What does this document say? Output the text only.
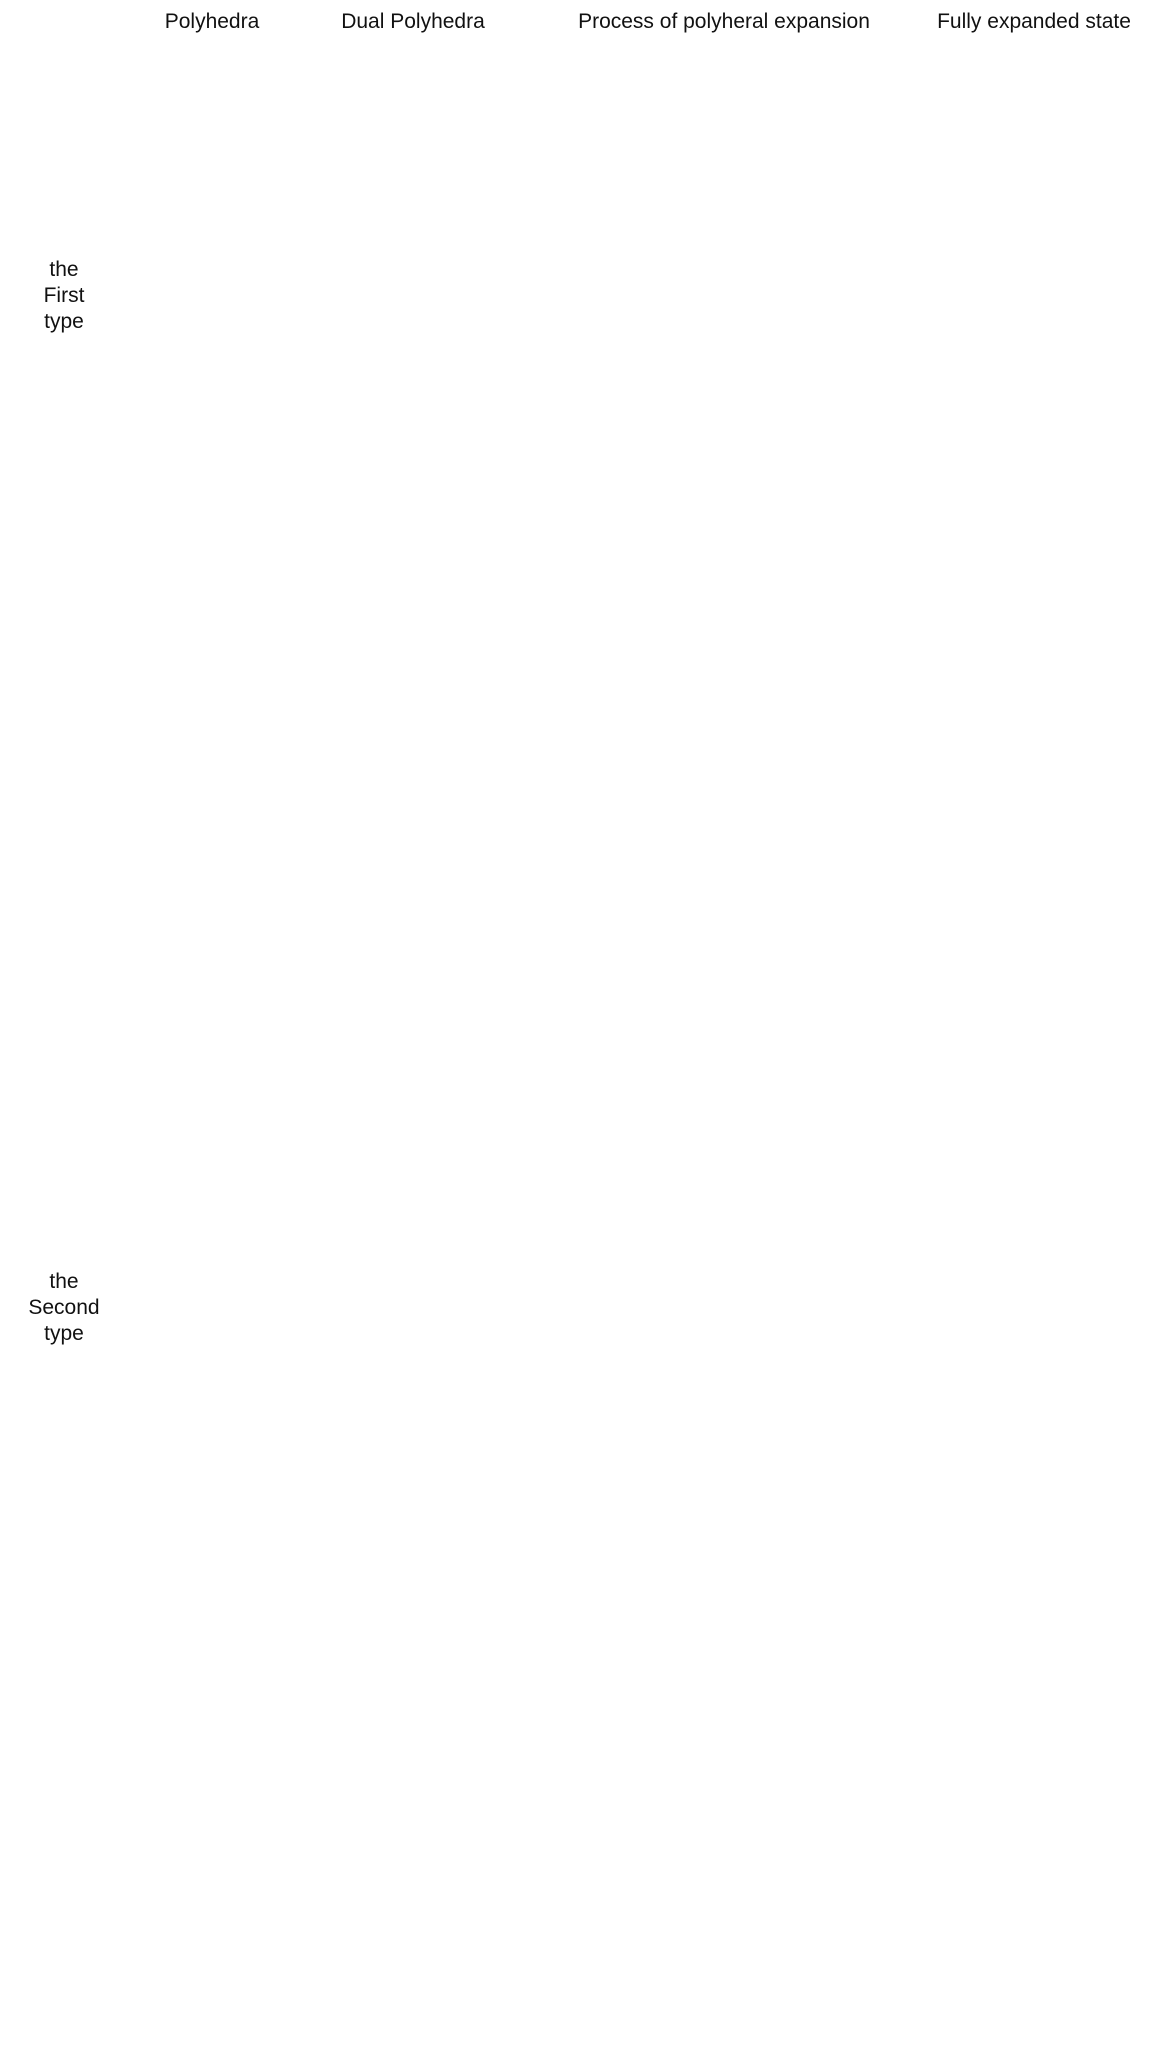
Polyhedra	Dual Polyhedra	Process of polyheral expansion	Fully expanded state
the
First
type
the
Second
type
